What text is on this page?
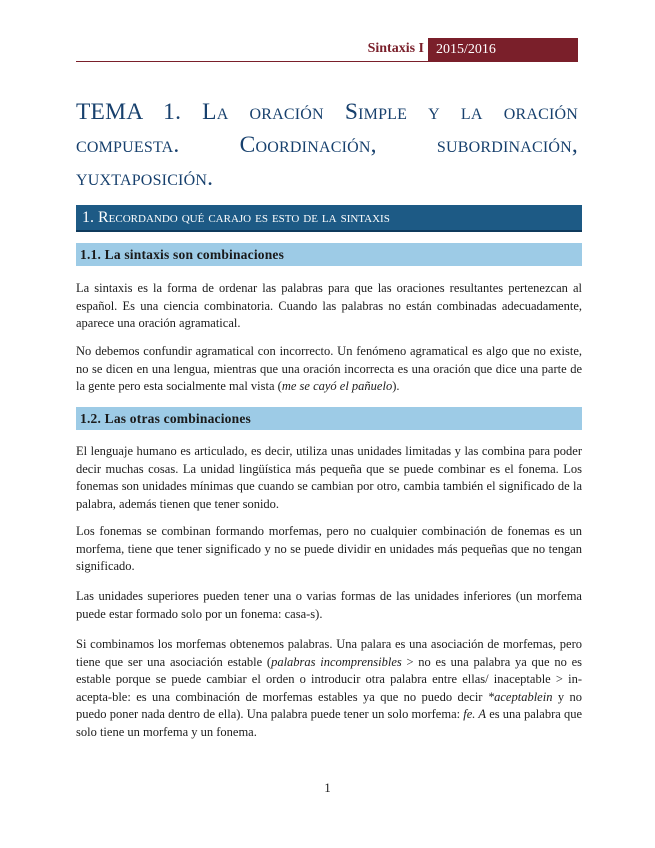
Sintaxis I 2015/2016
TEMA 1. La oración Simple y la oración compuesta. Coordinación, subordinación, yuxtaposición.
1. Recordando qué carajo es esto de la sintaxis
1.1. La sintaxis son combinaciones

La sintaxis es la forma de ordenar las palabras para que las oraciones resultantes pertenezcan al español. Es una ciencia combinatoria. Cuando las palabras no están combinadas adecuadamente, aparece una oración agramatical.

No debemos confundir agramatical con incorrecto. Un fenómeno agramatical es algo que no existe, no se dicen en una lengua, mientras que una oración incorrecta es una oración que dice una parte de la gente pero esta socialmente mal vista (me se cayó el pañuelo).

1.2. Las otras combinaciones

El lenguaje humano es articulado, es decir, utiliza unas unidades limitadas y las combina para poder decir muchas cosas. La unidad lingüística más pequeña que se puede combinar es el fonema. Los fonemas son unidades mínimas que cuando se cambian por otro, cambia también el significado de la palabra, además tienen que tener sonido.

Los fonemas se combinan formando morfemas, pero no cualquier combinación de fonemas es un morfema, tiene que tener significado y no se puede dividir en unidades más pequeñas que no tengan significado.

Las unidades superiores pueden tener una o varias formas de las unidades inferiores (un morfema puede estar formado solo por un fonema: casa-s).

Si combinamos los morfemas obtenemos palabras. Una palara es una asociación de morfemas, pero tiene que ser una asociación estable (palabras incomprensibles > no es una palabra ya que no es estable porque se puede cambiar el orden o introducir otra palabra entre ellas/ inaceptable > in-acepta-ble: es una combinación de morfemas estables ya que no puedo decir *aceptablein y no puedo poner nada dentro de ella). Una palabra puede tener un solo morfema: fe. A es una palabra que solo tiene un morfema y un fonema.

1
